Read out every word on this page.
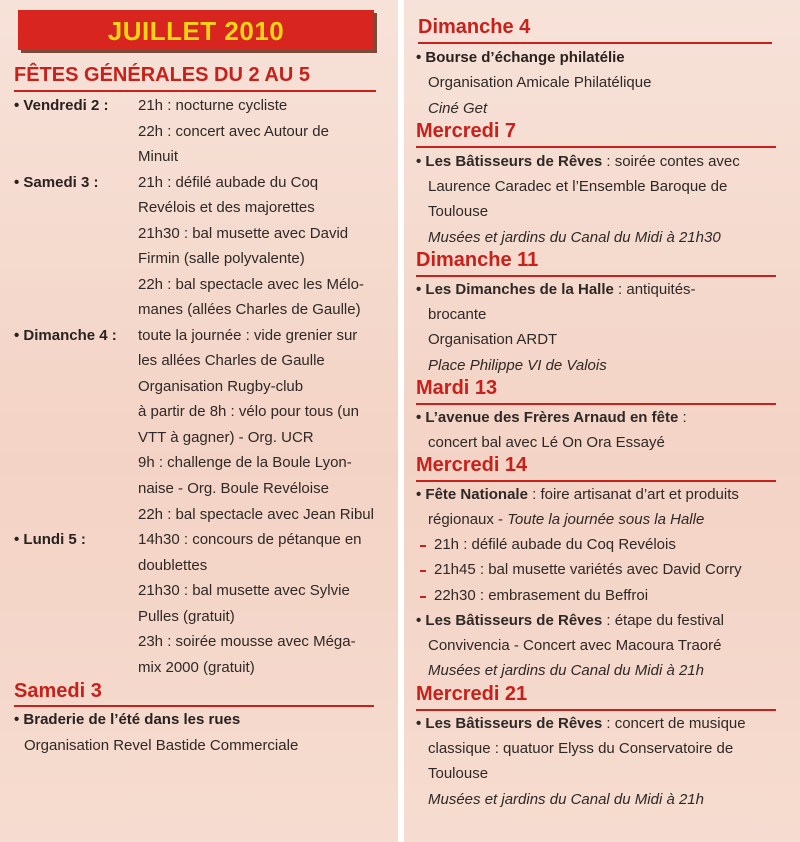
JUILLET 2010
FÊTES GÉNÉRALES DU 2 AU 5
• Vendredi 2 : 21h : nocturne cycliste
22h : concert avec Autour de
Minuit
• Samedi 3 :	21h : défilé aubade du Coq
Revélois et des majorettes
21h30 : bal musette avec David
Firmin (salle polyvalente)
22h : bal spectacle avec les Mélo-
manes (allées Charles de Gaulle)
• Dimanche 4 : toute la journée : vide grenier sur
les allées Charles de Gaulle
Organisation Rugby-club
à partir de 8h : vélo pour tous (un
VTT à gagner) - Org. UCR
9h : challenge de la Boule Lyon-
naise - Org. Boule Revéloise
22h : bal spectacle avec Jean Ribul
• Lundi 5 :	14h30 : concours de pétanque en
doublettes
21h30 : bal musette avec Sylvie
Pulles (gratuit)
23h : soirée mousse avec Méga-
mix 2000 (gratuit)
Samedi 3
• Braderie de l’été dans les rues
Organisation Revel Bastide Commerciale
Dimanche 4
• Bourse d’échange philatélie
Organisation Amicale Philatélique
Ciné Get
Mercredi 7
• Les Bâtisseurs de Rêves : soirée contes avec
Laurence Caradec et l’Ensemble Baroque de
Toulouse
Musées et jardins du Canal du Midi à 21h30
Dimanche 11
• Les Dimanches de la Halle : antiquités-
brocante
Organisation ARDT
Place Philippe VI de Valois
Mardi 13
• L’avenue des Frères Arnaud en fête :
concert bal avec Lé On Ora Essayé
Mercredi 14
• Fête Nationale : foire artisanat d’art et produits
régionaux - Toute la journée sous la Halle
21h : défilé aubade du Coq Revélois
21h45 : bal musette variétés avec David Corry
22h30 : embrasement du Beffroi
• Les Bâtisseurs de Rêves : étape du festival
Convivencia - Concert avec Macoura Traoré
Musées et jardins du Canal du Midi à 21h
Mercredi 21
• Les Bâtisseurs de Rêves : concert de musique
classique : quatuor Elyss du Conservatoire de
Toulouse
Musées et jardins du Canal du Midi à 21h
